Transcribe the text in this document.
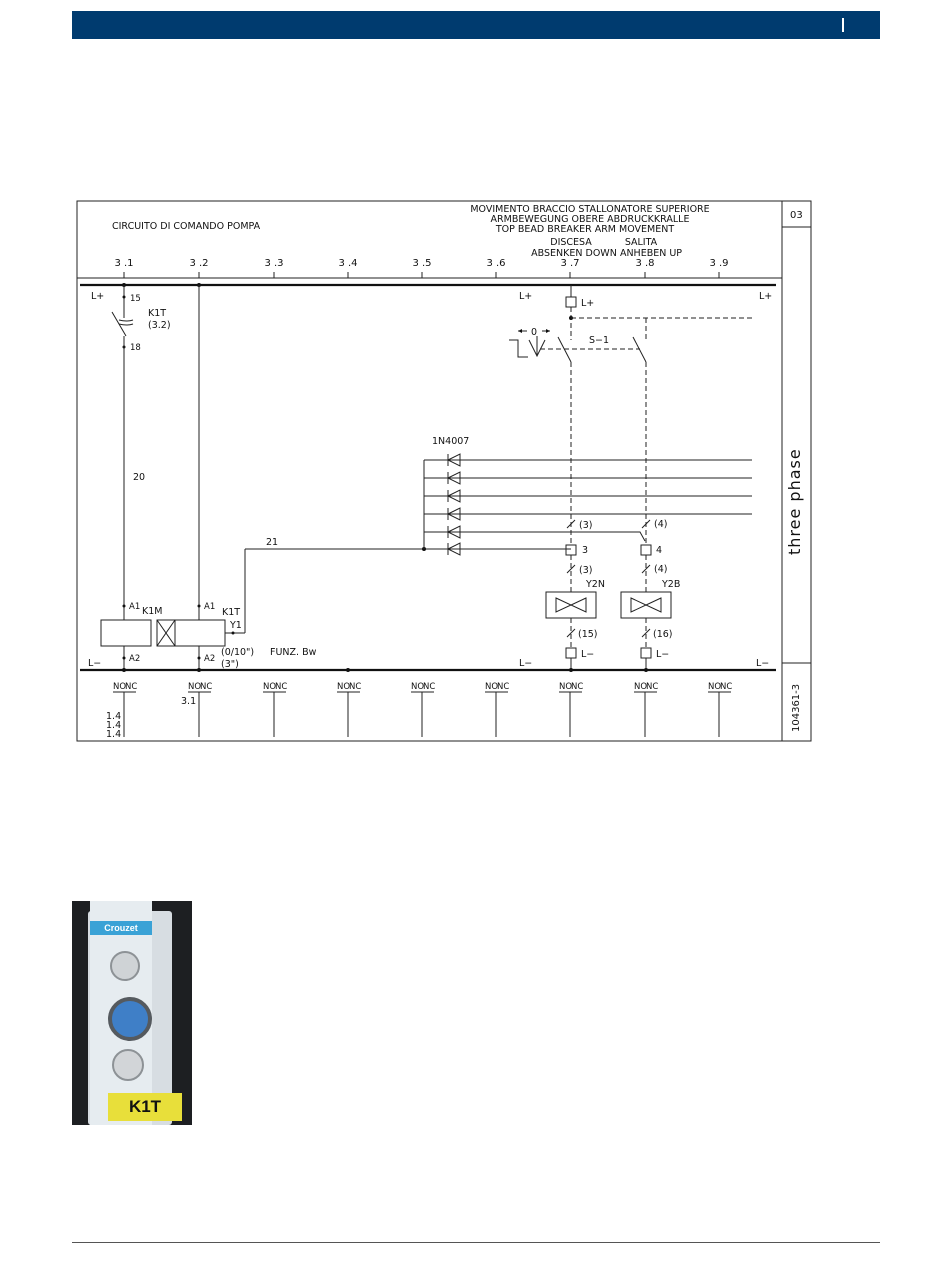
03
three phase
104361-3
CIRCUITO DI COMANDO POMPA
MOVIMENTO BRACCIO STALLONATORE SUPERIORE
ARMBEWEGUNG OBERE ABDRUCKKRALLE
TOP BEAD BREAKER ARM MOVEMENT
DISCESA	SALITA
ABSENKEN DOWN ANHEBEN UP
3 .1	3 .2	3 .3	3 .4	3 .5	3 .6	3 .7	3 .8	3 .9
L+	L+	L+
L−	L−	L−
15
K1T
(3.2)
18
20
A1 K1M
A2
A1 K1T
Y1
A2
(0/10")
(3")
FUNZ. Bw
21
1N4007
0
S−1
L+
(3)	(4)
3	4
(3)	(4)
Y2N	Y2B
(15)	(16)
L−	L−
NO
NC	NO
NC	NO
NC	NO
NC	NO
NC	NO
NC	NO
NC	NO
NC	NO
NC
3.1
1.4
1.4
1.4
Crouzet
K1T
